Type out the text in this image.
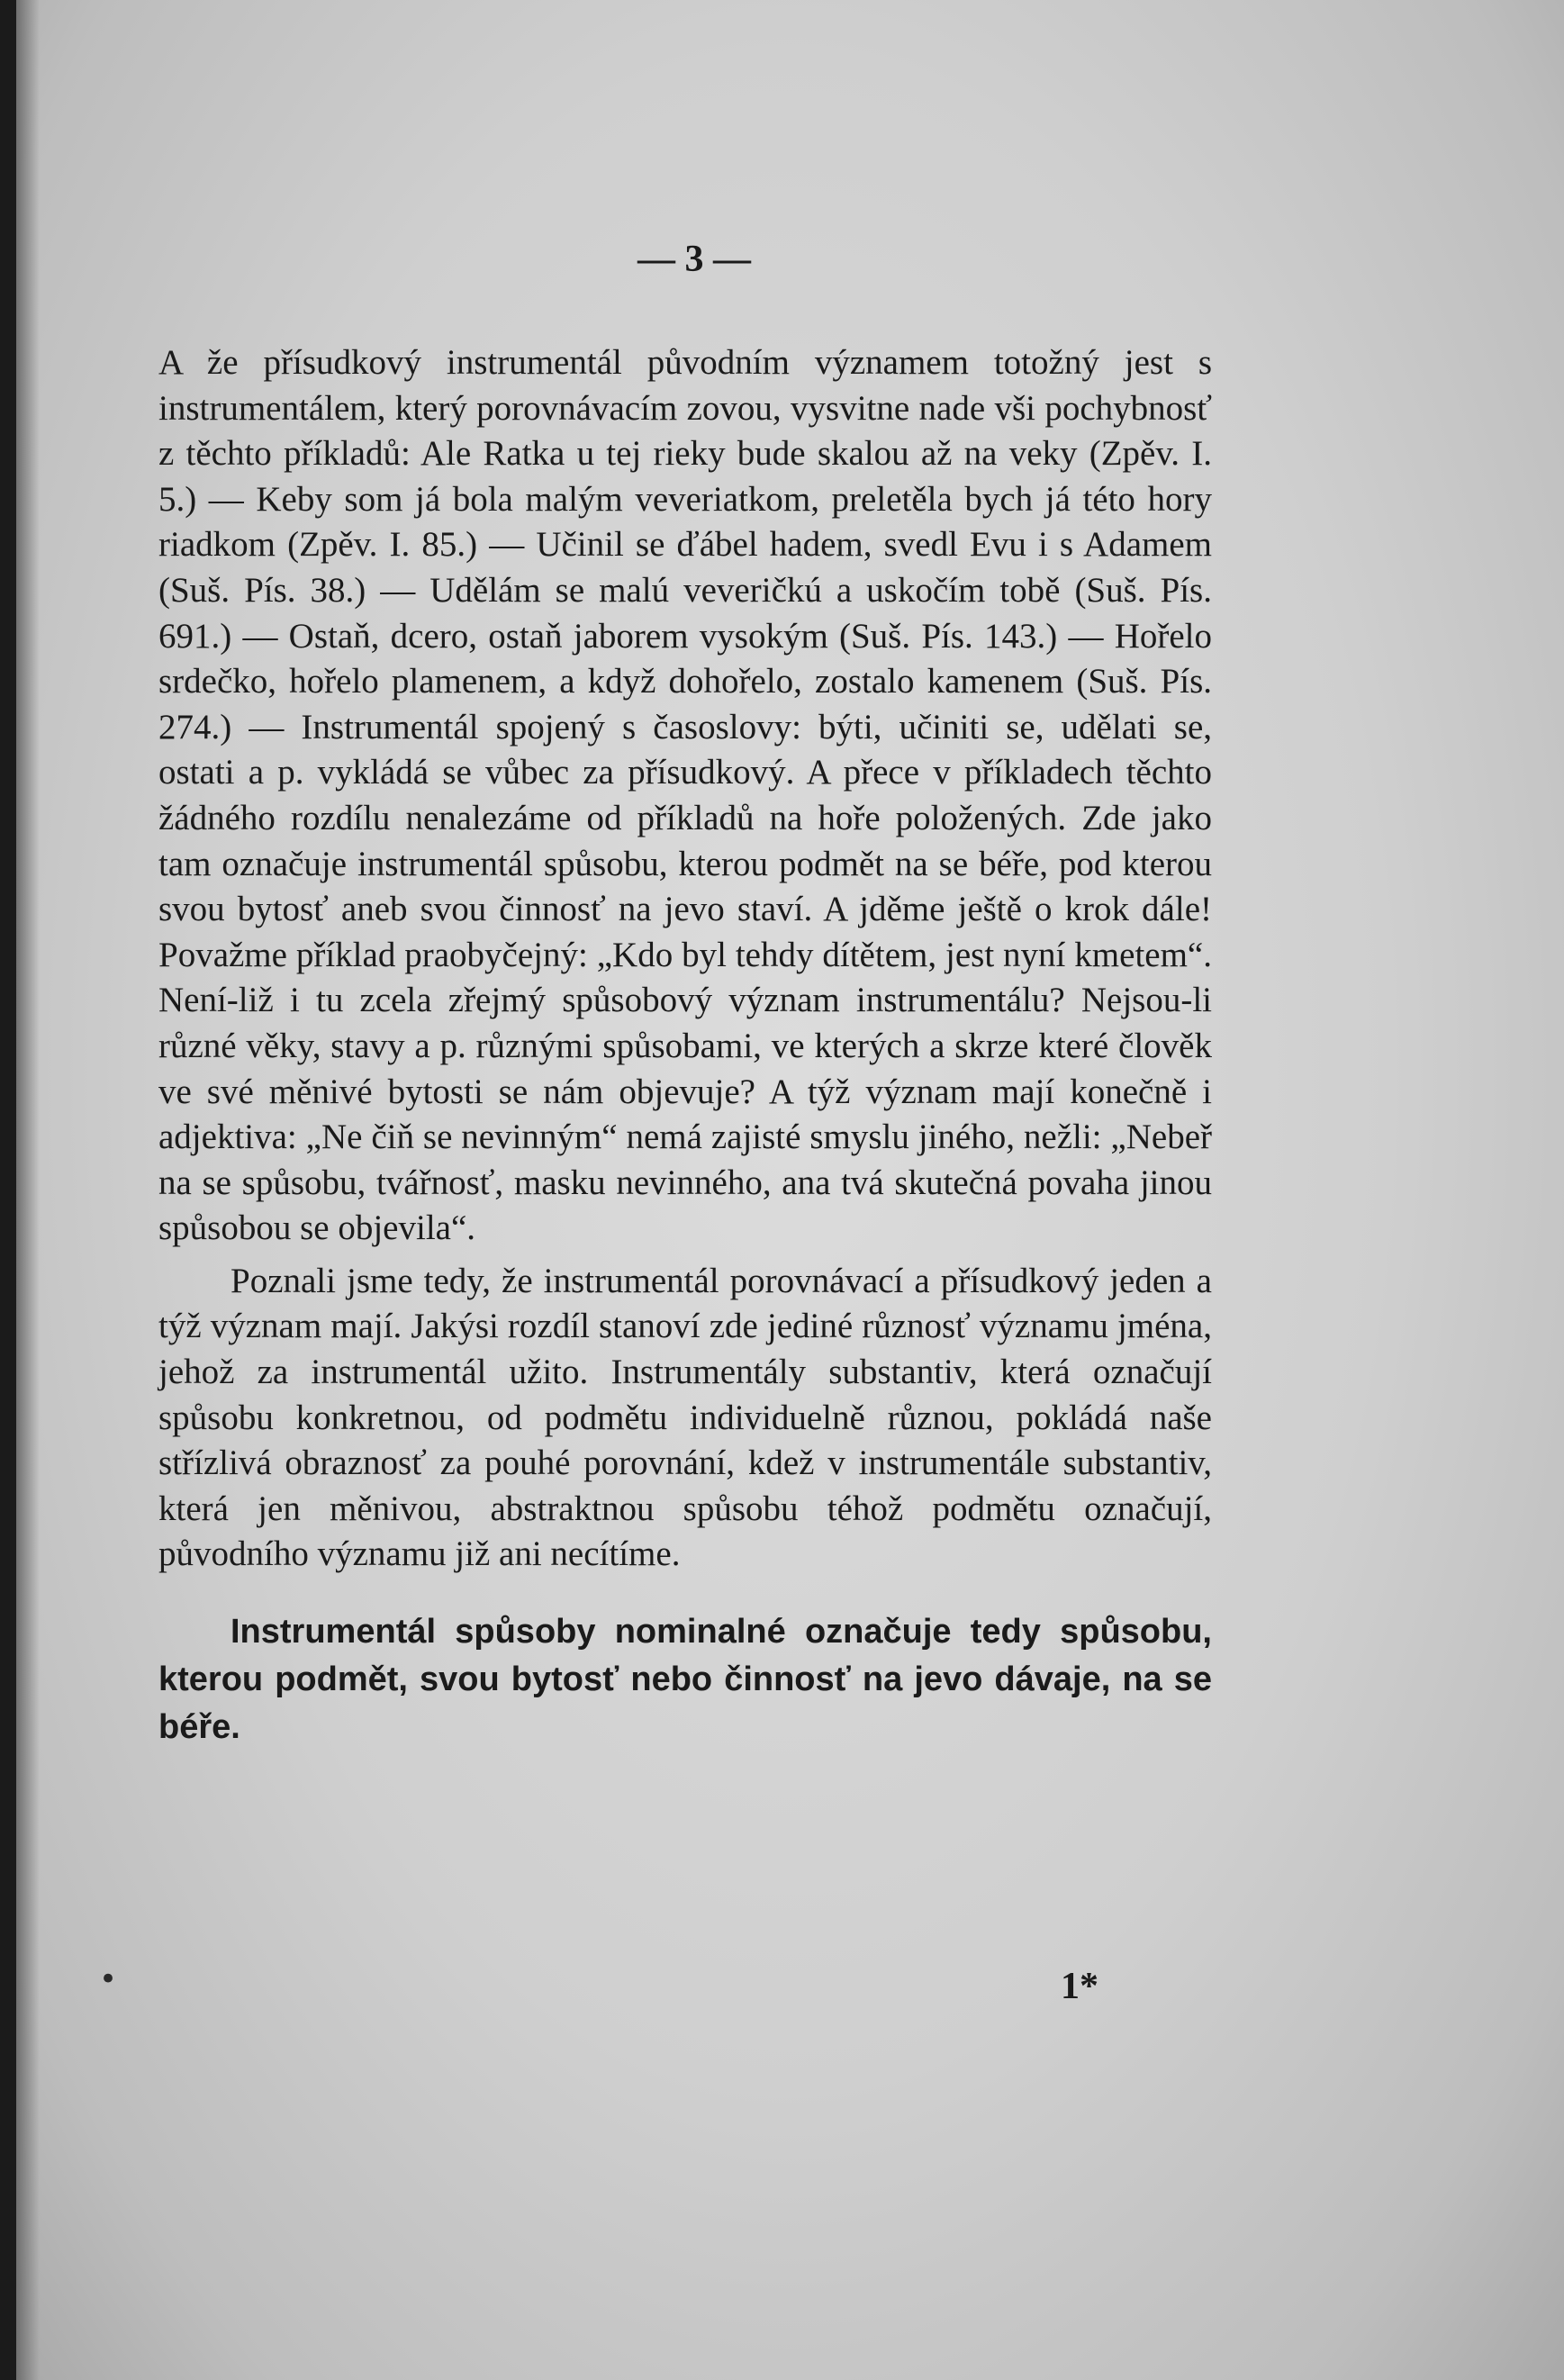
•
— 3 —

A že přísudkový instrumentál původním významem totožný jest s instrumentálem, který porovnávacím zovou, vysvitne nade vši pochybnosť z těchto příkladů: Ale Ratka u tej rieky bude skalou až na veky (Zpěv. I. 5.) — Keby som já bola malým veveriatkom, preletěla bych já této hory riadkom (Zpěv. I. 85.) — Učinil se ďábel hadem, svedl Evu i s Adamem (Suš. Pís. 38.) — Udělám se malú veveričkú a uskočím tobě (Suš. Pís. 691.) — Ostaň, dcero, ostaň jaborem vysokým (Suš. Pís. 143.) — Hořelo srdečko, hořelo plamenem, a když dohořelo, zostalo kamenem (Suš. Pís. 274.) — Instrumentál spojený s časoslovy: býti, učiniti se, udělati se, ostati a p. vykládá se vůbec za přísudkový. A přece v příkladech těchto žádného rozdílu nenalezáme od příkladů na hoře položených. Zde jako tam označuje instrumentál spůsobu, kterou podmět na se béře, pod kterou svou bytosť aneb svou činnosť na jevo staví. A jděme ještě o krok dále! Považme příklad praobyčejný: „Kdo byl tehdy dítětem, jest nyní kmetem“. Není-liž i tu zcela zřejmý spůsobový význam instrumentálu? Nejsou-li různé věky, stavy a p. různými spůsobami, ve kterých a skrze které člověk ve své měnivé bytosti se nám objevuje? A týž význam mají konečně i adjektiva: „Ne čiň se nevinným“ nemá zajisté smyslu jiného, nežli: „Nebeř na se spůsobu, tvářnosť, masku nevinného, ana tvá skutečná povaha jinou spůsobou se objevila“.

Poznali jsme tedy, že instrumentál porovnávací a přísudkový jeden a týž význam mají. Jakýsi rozdíl stanoví zde jediné různosť významu jména, jehož za instrumentál užito. Instrumentály substantiv, která označují spůsobu konkretnou, od podmětu individuelně různou, pokládá naše střízlivá obraznosť za pouhé porovnání, kdež v instrumentále substantiv, která jen měnivou, abstraktnou spůsobu téhož podmětu označují, původního významu již ani necítíme.

Instrumentál spůsoby nominalné označuje tedy spůsobu, kterou podmět, svou bytosť nebo činnosť na jevo dávaje, na se béře.

1*
